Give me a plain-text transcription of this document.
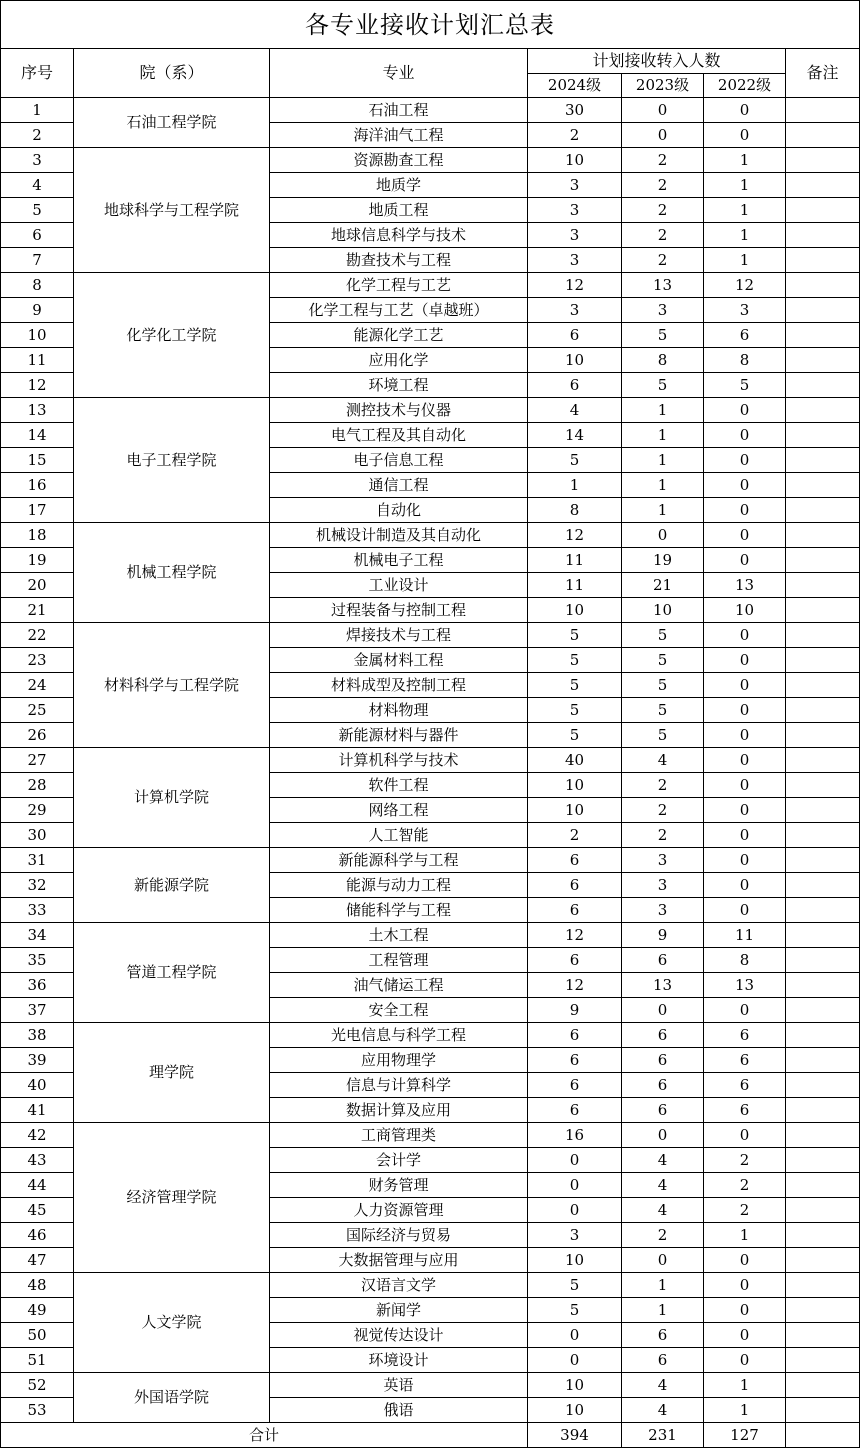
各专业接收计划汇总表						
序号	院（系）	专业	计划接收转入人数			备注
			2024级	2023级	2022级	
1	石油工程学院	石油工程	30	0	0	
2		海洋油气工程	2	0	0	
3	地球科学与工程学院	资源勘查工程	10	2	1	
4		地质学	3	2	1	
5		地质工程	3	2	1	
6		地球信息科学与技术	3	2	1	
7		勘查技术与工程	3	2	1	
8	化学化工学院	化学工程与工艺	12	13	12	
9		化学工程与工艺（卓越班）	3	3	3	
10		能源化学工艺	6	5	6	
11		应用化学	10	8	8	
12		环境工程	6	5	5	
13	电子工程学院	测控技术与仪器	4	1	0	
14		电气工程及其自动化	14	1	0	
15		电子信息工程	5	1	0	
16		通信工程	1	1	0	
17		自动化	8	1	0	
18	机械工程学院	机械设计制造及其自动化	12	0	0	
19		机械电子工程	11	19	0	
20		工业设计	11	21	13	
21		过程装备与控制工程	10	10	10	
22	材料科学与工程学院	焊接技术与工程	5	5	0	
23		金属材料工程	5	5	0	
24		材料成型及控制工程	5	5	0	
25		材料物理	5	5	0	
26		新能源材料与器件	5	5	0	
27	计算机学院	计算机科学与技术	40	4	0	
28		软件工程	10	2	0	
29		网络工程	10	2	0	
30		人工智能	2	2	0	
31	新能源学院	新能源科学与工程	6	3	0	
32		能源与动力工程	6	3	0	
33		储能科学与工程	6	3	0	
34	管道工程学院	土木工程	12	9	11	
35		工程管理	6	6	8	
36		油气储运工程	12	13	13	
37		安全工程	9	0	0	
38	理学院	光电信息与科学工程	6	6	6	
39		应用物理学	6	6	6	
40		信息与计算科学	6	6	6	
41		数据计算及应用	6	6	6	
42	经济管理学院	工商管理类	16	0	0	
43		会计学	0	4	2	
44		财务管理	0	4	2	
45		人力资源管理	0	4	2	
46		国际经济与贸易	3	2	1	
47		大数据管理与应用	10	0	0	
48	人文学院	汉语言文学	5	1	0	
49		新闻学	5	1	0	
50		视觉传达设计	0	6	0	
51		环境设计	0	6	0	
52	外国语学院	英语	10	4	1	
53		俄语	10	4	1	
合计			394	231	127	
